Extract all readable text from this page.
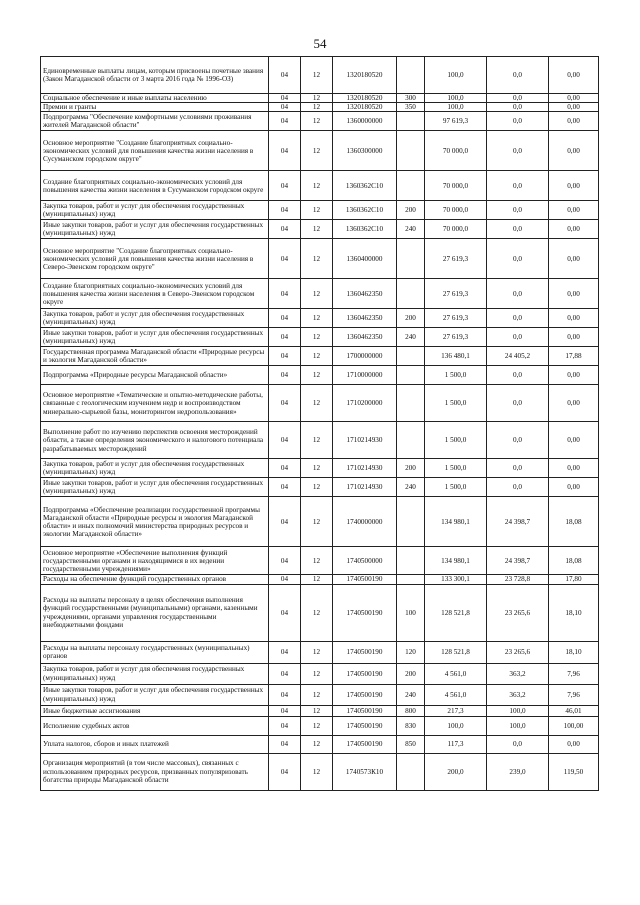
54
Единовременные выплаты лицам, которым присвоены почетные звания (Закон Магаданской области от 3 марта 2016 года № 1996-ОЗ)	04	12	1320180520		100,0	0,0	0,00
Социальное обеспечение и иные выплаты населению	04	12	1320180520	300	100,0	0,0	0,00
Премии и гранты	04	12	1320180520	350	100,0	0,0	0,00
Подпрограмма "Обеспечение комфортными условиями проживания жителей Магаданской области"	04	12	1360000000		97 619,3	0,0	0,00
Основное мероприятие "Создание благоприятных социально-экономических условий для повышения качества жизни населения в Сусуманском городском округе"	04	12	1360300000		70 000,0	0,0	0,00
Создание благоприятных социально-экономических условий для повышения качества жизни населения в Сусуманском городском округе	04	12	1360362С10		70 000,0	0,0	0,00
Закупка товаров, работ и услуг для обеспечения государственных (муниципальных) нужд	04	12	1360362С10	200	70 000,0	0,0	0,00
Иные закупки товаров, работ и услуг для обеспечения государственных (муниципальных) нужд	04	12	1360362С10	240	70 000,0	0,0	0,00
Основное мероприятие "Создание благоприятных социально-экономических условий для повышения качества жизни населения в Северо-Эвенском городском округе"	04	12	1360400000		27 619,3	0,0	0,00
Создание благоприятных социально-экономических условий для повышения качества жизни населения в Северо-Эвенском городском округе	04	12	1360462350		27 619,3	0,0	0,00
Закупка товаров, работ и услуг для обеспечения государственных (муниципальных) нужд	04	12	1360462350	200	27 619,3	0,0	0,00
Иные закупки товаров, работ и услуг для обеспечения государственных (муниципальных) нужд	04	12	1360462350	240	27 619,3	0,0	0,00
Государственная программа Магаданской области «Природные ресурсы и экология Магаданской области»	04	12	1700000000		136 480,1	24 405,2	17,88
Подпрограмма «Природные ресурсы Магаданской области»	04	12	1710000000		1 500,0	0,0	0,00
Основное мероприятие «Тематические и опытно-методические работы, связанные с геологическим изучением недр и воспроизводством минерально-сырьевой базы, мониторингом недропользования»	04	12	1710200000		1 500,0	0,0	0,00
Выполнение работ по изучению перспектив освоения месторождений области, а также определения экономического и налогового потенциала разрабатываемых месторождений	04	12	1710214930		1 500,0	0,0	0,00
Закупка товаров, работ и услуг для обеспечения государственных (муниципальных) нужд	04	12	1710214930	200	1 500,0	0,0	0,00
Иные закупки товаров, работ и услуг для обеспечения государственных (муниципальных) нужд	04	12	1710214930	240	1 500,0	0,0	0,00
Подпрограмма «Обеспечение реализации государственной программы Магаданской области «Природные ресурсы и экология Магаданской области» и иных полномочий министерства природных ресурсов и экологии Магаданской области»	04	12	1740000000		134 980,1	24 398,7	18,08
Основное мероприятие «Обеспечение выполнения функций государственными органами и находящимися в их ведении государственными учреждениями»	04	12	1740500000		134 980,1	24 398,7	18,08
Расходы на обеспечение функций государственных органов	04	12	1740500190		133 300,1	23 728,8	17,80
Расходы на выплаты персоналу в целях обеспечения выполнения функций государственными (муниципальными) органами, казенными учреждениями, органами управления государственными внебюджетными фондами	04	12	1740500190	100	128 521,8	23 265,6	18,10
Расходы на выплаты персоналу государственных (муниципальных) органов	04	12	1740500190	120	128 521,8	23 265,6	18,10
Закупка товаров, работ и услуг для обеспечения государственных (муниципальных) нужд	04	12	1740500190	200	4 561,0	363,2	7,96
Иные закупки товаров, работ и услуг для обеспечения государственных (муниципальных) нужд	04	12	1740500190	240	4 561,0	363,2	7,96
Иные бюджетные ассигнования	04	12	1740500190	800	217,3	100,0	46,01
Исполнение судебных актов	04	12	1740500190	830	100,0	100,0	100,00
Уплата налогов, сборов и иных платежей	04	12	1740500190	850	117,3	0,0	0,00
Организация мероприятий (в том числе массовых), связанных с использованием природных ресурсов, призванных популяризовать богатства природы Магаданской области	04	12	1740573К10		200,0	239,0	119,50
